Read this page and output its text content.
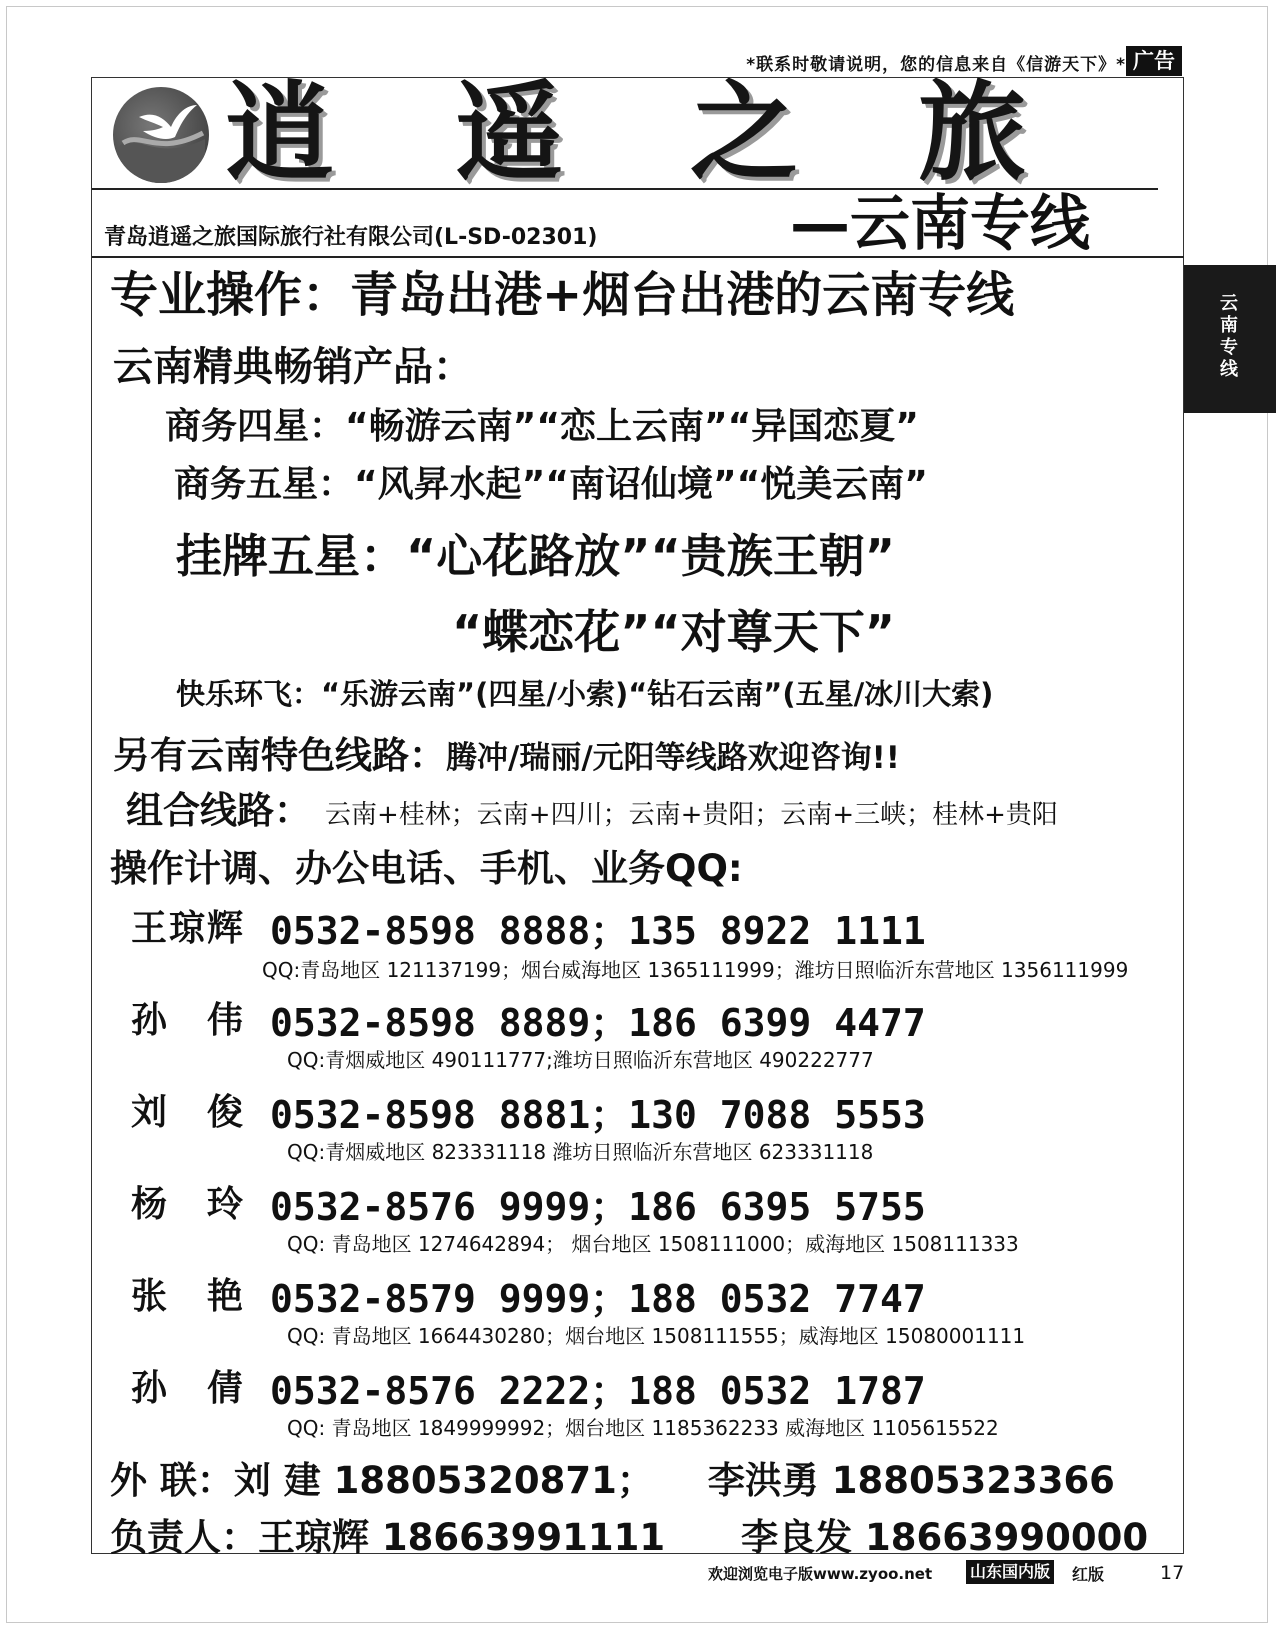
*联系时敬请说明，您的信息来自《信游天下》* 广告
云南专线
逍 遥 之 旅
青岛逍遥之旅国际旅行社有限公司(L-SD-02301)	—云南专线
专业操作：青岛出港+烟台出港的云南专线
云南精典畅销产品：
商务四星：“畅游云南”“恋上云南”“异国恋夏”
商务五星：“风昇水起”“南诏仙境”“悦美云南”
挂牌五星：“心花路放”“贵族王朝”
“蝶恋花”“对尊天下”
快乐环飞：“乐游云南”(四星/小索)“钻石云南”(五星/冰川大索)
另有云南特色线路：腾冲/瑞丽/元阳等线路欢迎咨询!!
组合线路： 云南+桂林；云南+四川；云南+贵阳；云南+三峡；桂林+贵阳
操作计调、办公电话、手机、业务QQ:
王琼辉 0532-8598 8888；135 8922 1111
QQ:青岛地区 121137199；烟台威海地区 1365111999；潍坊日照临沂东营地区 1356111999
孙伟
0532-8598 8889；186 6399 4477
QQ:青烟威地区 490111777;潍坊日照临沂东营地区 490222777
刘俊
0532-8598 8881；130 7088 5553
QQ:青烟威地区 823331118 潍坊日照临沂东营地区 623331118
杨玲
0532-8576 9999；186 6395 5755
QQ: 青岛地区 1274642894； 烟台地区 1508111000；威海地区 1508111333
张艳
0532-8579 9999；188 0532 7747
QQ: 青岛地区 1664430280；烟台地区 1508111555；威海地区 15080001111
孙倩
0532-8576 2222；188 0532 1787
QQ: 青岛地区 1849999992；烟台地区 1185362233 威海地区 1105615522
外 联：刘 建 18805320871； 李洪勇 18805323366
负责人：王琼辉 18663991111 李良发 18663990000
欢迎浏览电子版www.zyoo.net 山东国内版 红版	17
